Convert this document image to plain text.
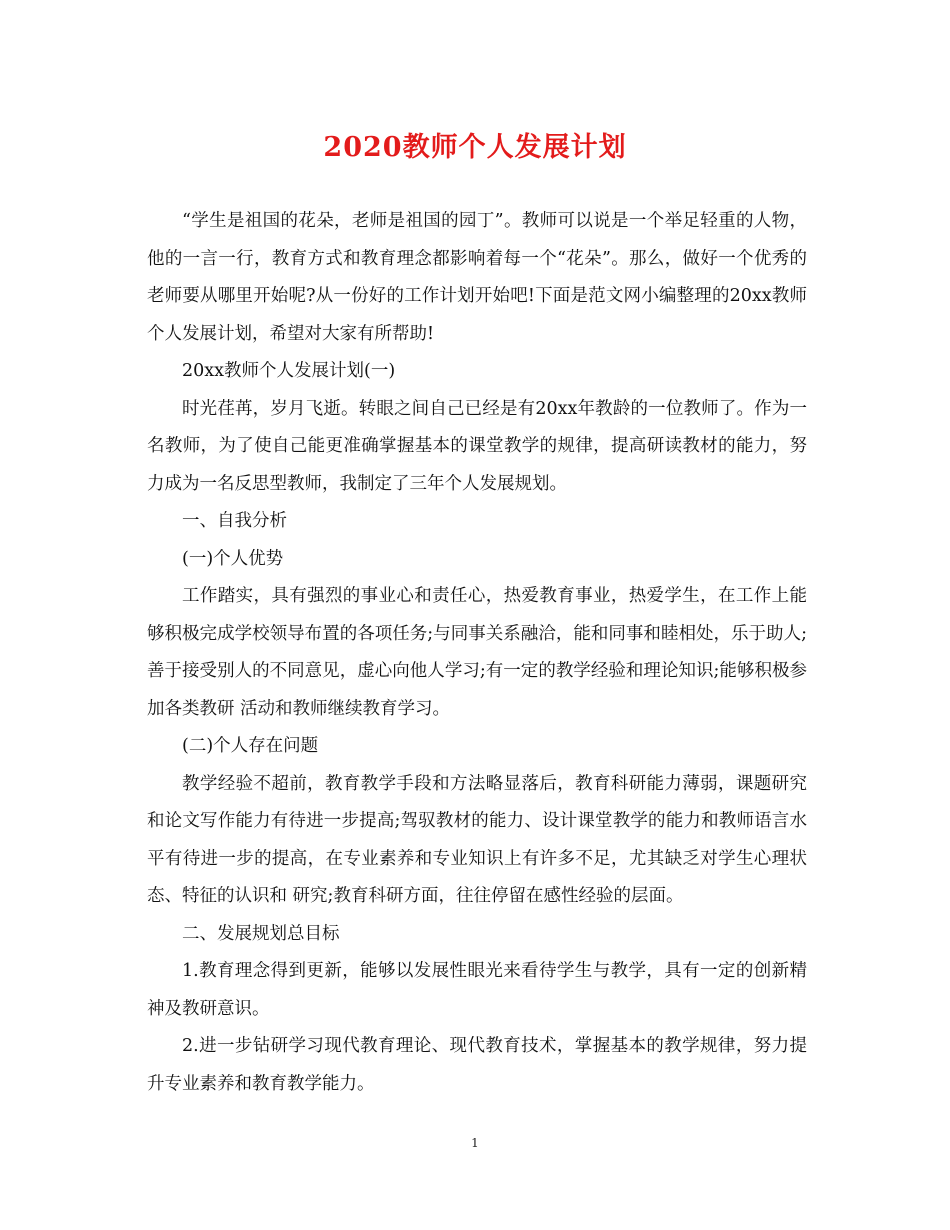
2020教师个人发展计划

“学生是祖国的花朵，老师是祖国的园丁”。教师可以说是一个举足轻重的人物，他的一言一行，教育方式和教育理念都影响着每一个“花朵”。那么，做好一个优秀的老师要从哪里开始呢?从一份好的工作计划开始吧!下面是范文网小编整理的20xx教师个人发展计划，希望对大家有所帮助!

20xx教师个人发展计划(一)

时光荏苒，岁月飞逝。转眼之间自己已经是有20xx年教龄的一位教师了。作为一名教师，为了使自己能更准确掌握基本的课堂教学的规律，提高研读教材的能力，努力成为一名反思型教师，我制定了三年个人发展规划。

一、自我分析

(一)个人优势

工作踏实，具有强烈的事业心和责任心，热爱教育事业，热爱学生，在工作上能够积极完成学校领导布置的各项任务;与同事关系融洽，能和同事和睦相处，乐于助人;善于接受别人的不同意见，虚心向他人学习;有一定的教学经验和理论知识;能够积极参加各类教研 活动和教师继续教育学习。

(二)个人存在问题

教学经验不超前，教育教学手段和方法略显落后，教育科研能力薄弱，课题研究和论文写作能力有待进一步提高;驾驭教材的能力、设计课堂教学的能力和教师语言水平有待进一步的提高，在专业素养和专业知识上有许多不足，尤其缺乏对学生心理状态、特征的认识和 研究;教育科研方面，往往停留在感性经验的层面。

二、发展规划总目标

1.教育理念得到更新，能够以发展性眼光来看待学生与教学，具有一定的创新精神及教研意识。

2.进一步钻研学习现代教育理论、现代教育技术，掌握基本的教学规律，努力提升专业素养和教育教学能力。

1
